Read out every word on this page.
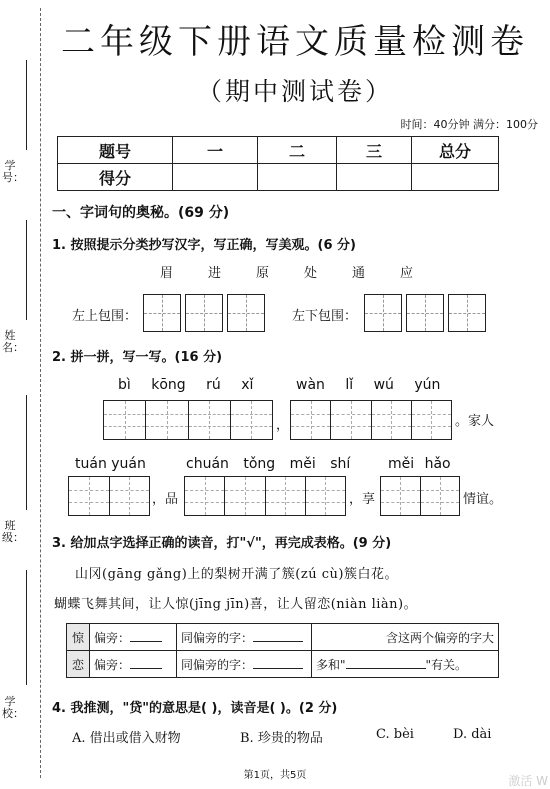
学号：
姓名：
班级：
学校：
二年级下册语文质量检测卷
（期中测试卷）
时间：40分钟 满分：100分
题号	一	二	三	总分
得分				
一、字词句的奥秘。(69 分)
1. 按照提示分类抄写汉字，写正确，写美观。(6 分)
眉	进	原	处	通	应
左上包围：	左下包围：
2. 拼一拼，写一写。(16 分)
bì kōng rú xǐ	wàn lǐ wú yún
，	。家人
tuán yuán	chuán tǒng měi shí	měi hǎo
，品	，享	情谊。
3. 给加点字选择正确的读音，打"√"，再完成表格。(9 分)
山冈(gāng gǎng)上的梨树开满了簇(zú cù)簇白花。
蝴蝶飞舞其间，让人惊(jīng jīn)喜，让人留恋(niàn liàn)。
惊	偏旁：	同偏旁的字：	含这两个偏旁的字大
恋	偏旁：	同偏旁的字：	多和" "有关。
4. 我推测，"贷"的意思是( )，读音是( )。(2 分)
A. 借出或借入财物	B. 珍贵的物品	C. bèi	D. dài
第1页，共5页	激活 W
